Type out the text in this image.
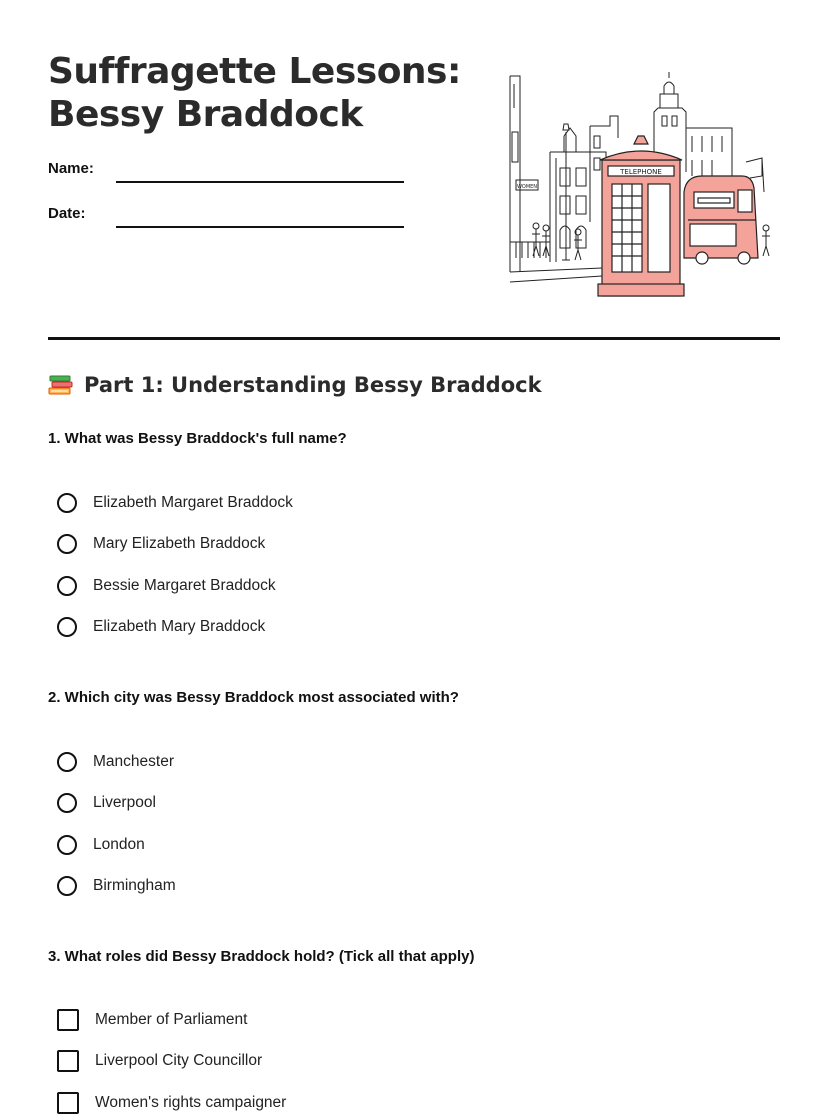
Suffragette Lessons:
Bessy Braddock
Name:
Date:
TELEPHONE
WOMEN
Part 1: Understanding Bessy Braddock

1. What was Bessy Braddock's full name?

Elizabeth Margaret Braddock
Mary Elizabeth Braddock
Bessie Margaret Braddock
Elizabeth Mary Braddock

2. Which city was Bessy Braddock most associated with?

Manchester
Liverpool
London
Birmingham

3. What roles did Bessy Braddock hold? (Tick all that apply)

Member of Parliament
Liverpool City Councillor
Women's rights campaigner
